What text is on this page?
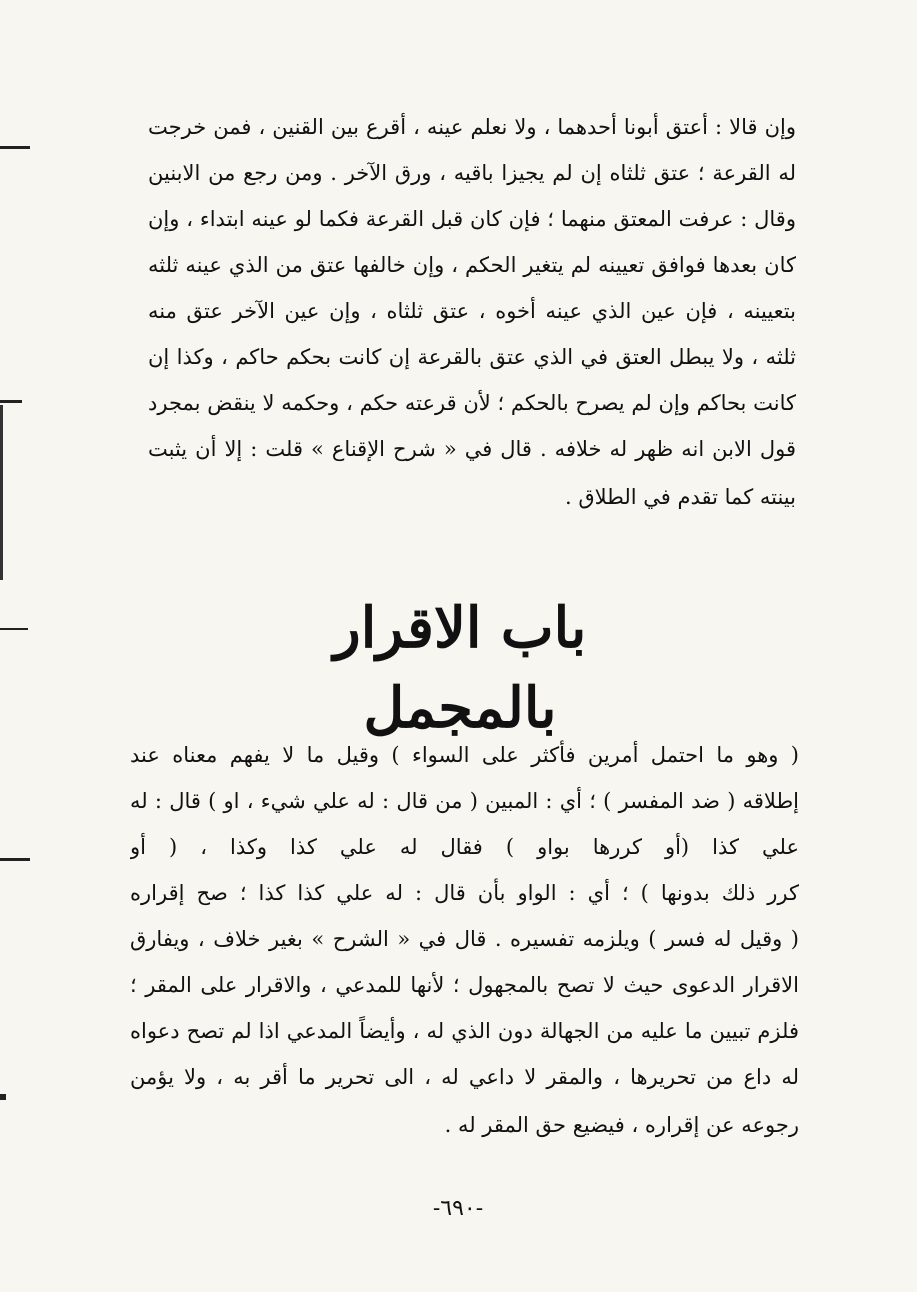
وإن قالا : أعتق أبونا أحدهما ، ولا نعلم عينه ، أقرع بين القنين ، فمن خرجت
له القرعة ؛ عتق ثلثاه إن لم يجيزا باقيه ، ورق الآخر . ومن رجع من الابنين
وقال : عرفت المعتق منهما ؛ فإن كان قبل القرعة فكما لو عينه ابتداء ، وإن
كان بعدها فوافق تعيينه لم يتغير الحكم ، وإن خالفها عتق من الذي عينه ثلثه
بتعيينه ، فإن عين الذي عينه أخوه ، عتق ثلثاه ، وإن عين الآخر عتق منه
ثلثه ، ولا يبطل العتق في الذي عتق بالقرعة إن كانت بحكم حاكم ، وكذا إن
كانت بحاكم وإن لم يصرح بالحكم ؛ لأن قرعته حكم ، وحكمه لا ينقض بمجرد
قول الابن انه ظهر له خلافه . قال في « شرح الإقناع » قلت : إلا أن يثبت
بينته كما تقدم في الطلاق .
باب الاقرار بالمجمل
( وهو ما احتمل أمرين فأكثر على السواء ) وقيل ما لا يفهم معناه عند
إطلاقه ( ضد المفسر ) ؛ أي : المبين ( من قال : له علي شيء ، او ) قال : له
علي كذا (أو كررها بواو ) فقال له علي كذا وكذا ، ( أو
كرر ذلك بدونها ) ؛ أي : الواو بأن قال : له علي كذا كذا ؛ صح إقراره
( وقيل له فسر ) ويلزمه تفسيره . قال في « الشرح » بغير خلاف ، ويفارق
الاقرار الدعوى حيث لا تصح بالمجهول ؛ لأنها للمدعي ، والاقرار على المقر ؛
فلزم تبيين ما عليه من الجهالة دون الذي له ، وأيضاً المدعي اذا لم تصح دعواه
له داع من تحريرها ، والمقر لا داعي له ، الى تحرير ما أقر به ، ولا يؤمن
رجوعه عن إقراره ، فيضيع حق المقر له .
-٦٩٠-
